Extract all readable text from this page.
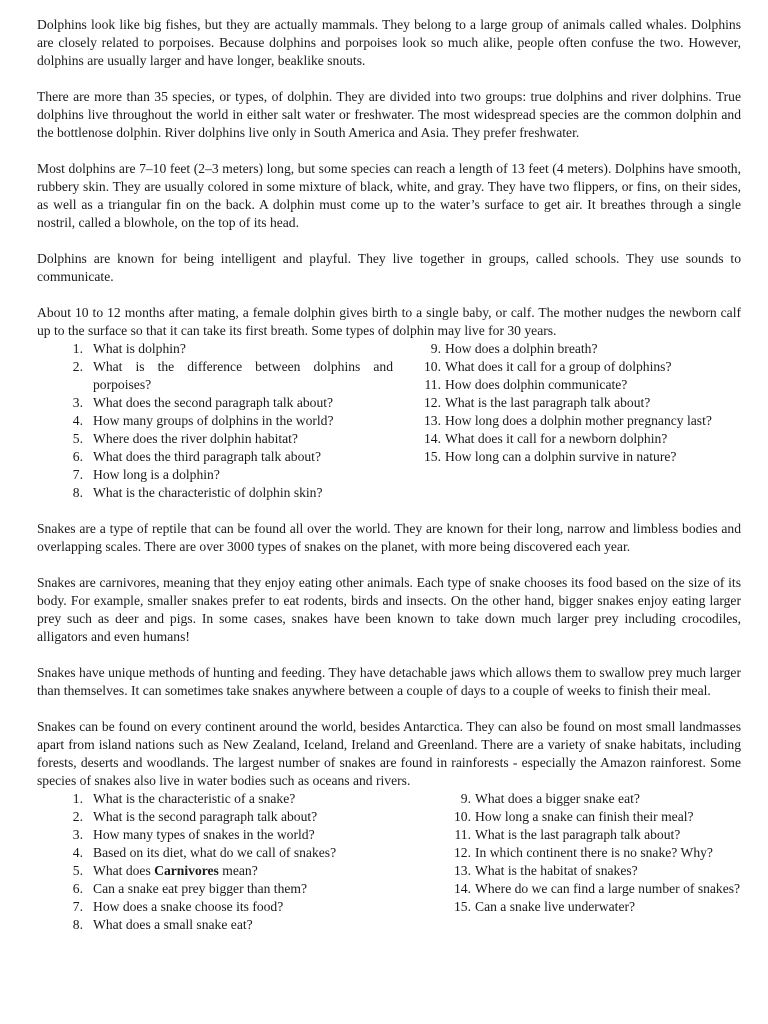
Dolphins look like big fishes, but they are actually mammals. They belong to a large group of animals called whales. Dolphins are closely related to porpoises. Because dolphins and porpoises look so much alike, people often confuse the two. However, dolphins are usually larger and have longer, beaklike snouts.

There are more than 35 species, or types, of dolphin. They are divided into two groups: true dolphins and river dolphins. True dolphins live throughout the world in either salt water or freshwater. The most widespread species are the common dolphin and the bottlenose dolphin. River dolphins live only in South America and Asia. They prefer freshwater.

Most dolphins are 7–10 feet (2–3 meters) long, but some species can reach a length of 13 feet (4 meters). Dolphins have smooth, rubbery skin. They are usually colored in some mixture of black, white, and gray. They have two flippers, or fins, on their sides, as well as a triangular fin on the back. A dolphin must come up to the water’s surface to get air. It breathes through a single nostril, called a blowhole, on the top of its head.

Dolphins are known for being intelligent and playful. They live together in groups, called schools. They use sounds to communicate.

About 10 to 12 months after mating, a female dolphin gives birth to a single baby, or calf. The mother nudges the newborn calf up to the surface so that it can take its first breath. Some types of dolphin may live for 30 years.

1. What is dolphin?
2. What is the difference between dolphins and porpoises?
3. What does the second paragraph talk about?
4. How many groups of dolphins in the world?
5. Where does the river dolphin habitat?
6. What does the third paragraph talk about?
7. How long is a dolphin?
8. What is the characteristic of dolphin skin?
9. How does a dolphin breath?
10. What does it call for a group of dolphins?
11. How does dolphin communicate?
12. What is the last paragraph talk about?
13. How long does a dolphin mother pregnancy last?
14. What does it call for a newborn dolphin?
15. How long can a dolphin survive in nature?

Snakes are a type of reptile that can be found all over the world. They are known for their long, narrow and limbless bodies and overlapping scales. There are over 3000 types of snakes on the planet, with more being discovered each year.

Snakes are carnivores, meaning that they enjoy eating other animals. Each type of snake chooses its food based on the size of its body. For example, smaller snakes prefer to eat rodents, birds and insects. On the other hand, bigger snakes enjoy eating larger prey such as deer and pigs. In some cases, snakes have been known to take down much larger prey including crocodiles, alligators and even humans!

Snakes have unique methods of hunting and feeding. They have detachable jaws which allows them to swallow prey much larger than themselves. It can sometimes take snakes anywhere between a couple of days to a couple of weeks to finish their meal.

Snakes can be found on every continent around the world, besides Antarctica. They can also be found on most small landmasses apart from island nations such as New Zealand, Iceland, Ireland and Greenland. There are a variety of snake habitats, including forests, deserts and woodlands. The largest number of snakes are found in rainforests - especially the Amazon rainforest. Some species of snakes also live in water bodies such as oceans and rivers.

1. What is the characteristic of a snake?
2. What is the second paragraph talk about?
3. How many types of snakes in the world?
4. Based on its diet, what do we call of snakes?
5. What does Carnivores mean?
6. Can a snake eat prey bigger than them?
7. How does a snake choose its food?
8. What does a small snake eat?
9. What does a bigger snake eat?
10. How long a snake can finish their meal?
11. What is the last paragraph talk about?
12. In which continent there is no snake? Why?
13. What is the habitat of snakes?
14. Where do we can find a large number of snakes?
15. Can a snake live underwater?
